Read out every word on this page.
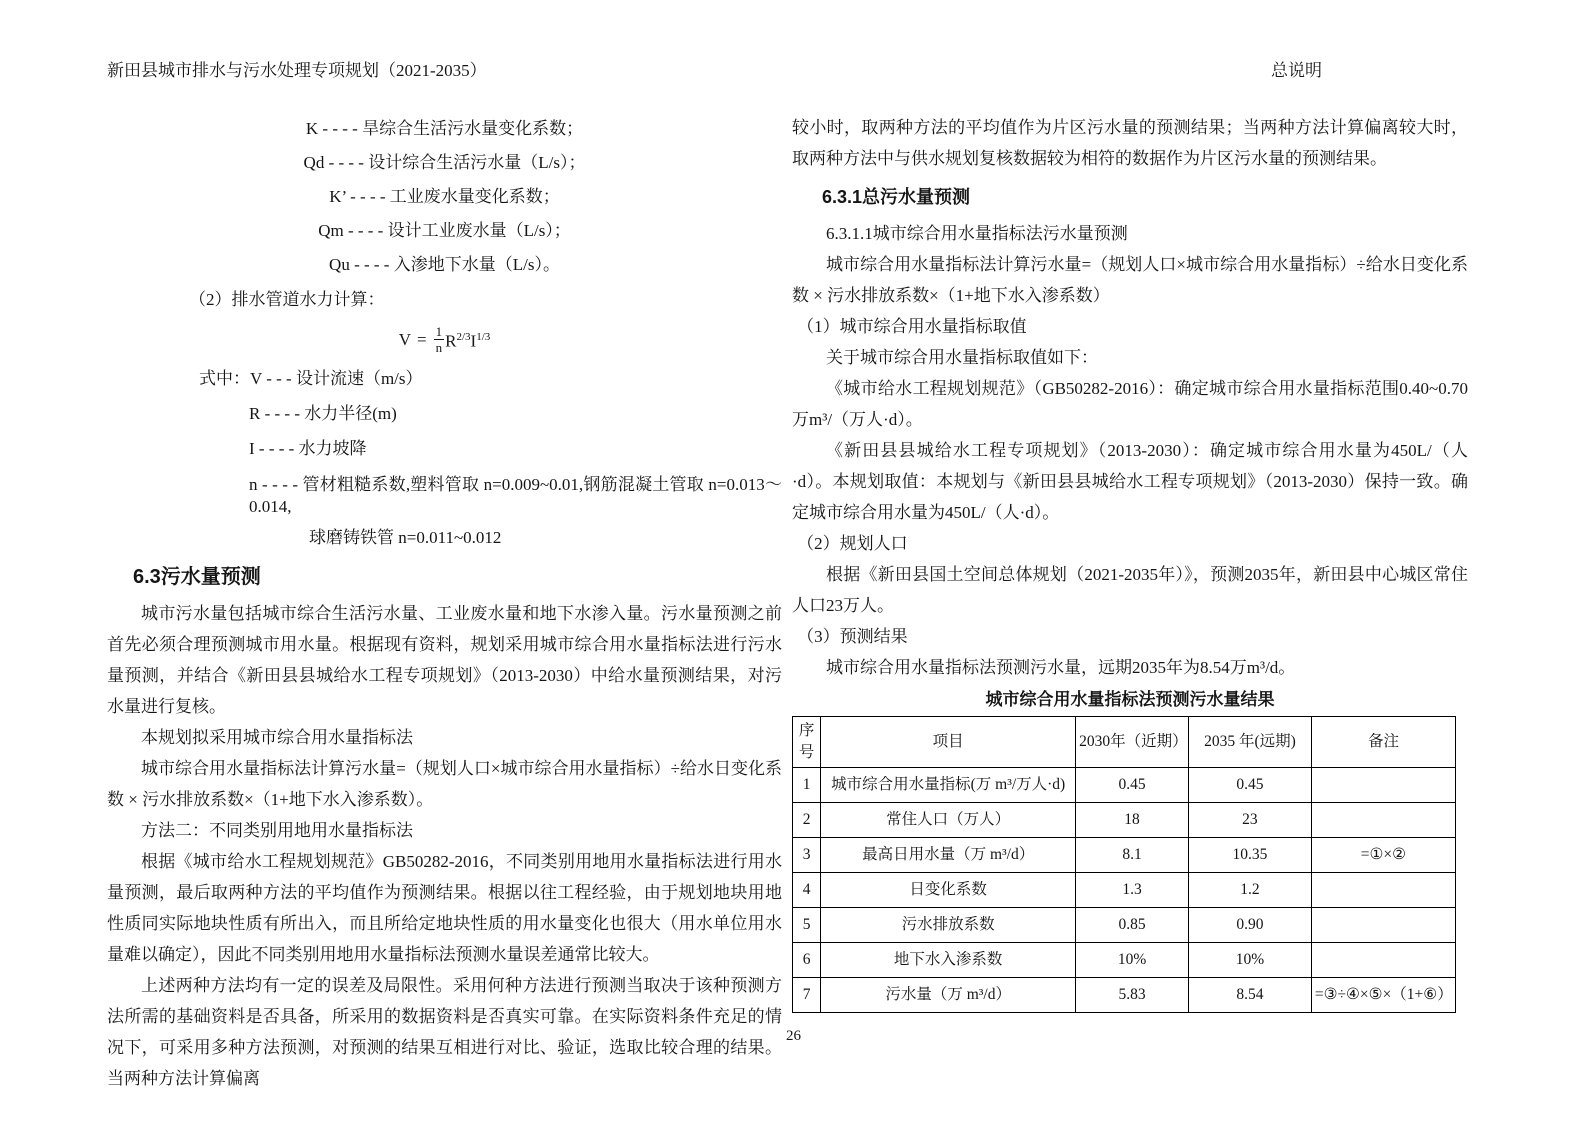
新田县城市排水与污水处理专项规划（2021-2035）	总说明
K - - - - 旱综合生活污水量变化系数；
Qd - - - - 设计综合生活污水量（L/s）；
K’ - - - - 工业废水量变化系数；
Qm - - - - 设计工业废水量（L/s）；
Qu - - - - 入渗地下水量（L/s）。
（2）排水管道水力计算：
$V = \frac{1}{n} R^{2/3}I^{1/3}$
式中：V - - - 设计流速（m/s）
R - - - - 水力半径(m)
I - - - - 水力坡降
n - - - - 管材粗糙系数,塑料管取 n=0.009~0.01,钢筋混凝土管取 n=0.013～0.014,
球磨铸铁管 n=0.011~0.012
6.3污水量预测

城市污水量包括城市综合生活污水量、工业废水量和地下水渗入量。污水量预测之前首先必须合理预测城市用水量。根据现有资料，规划采用城市综合用水量指标法进行污水量预测，并结合《新田县县城给水工程专项规划》（2013-2030）中给水量预测结果，对污水量进行复核。

本规划拟采用城市综合用水量指标法

城市综合用水量指标法计算污水量=（规划人口×城市综合用水量指标）÷给水日变化系数 × 污水排放系数×（1+地下水入渗系数）。

方法二：不同类别用地用水量指标法

根据《城市给水工程规划规范》GB50282-2016，不同类别用地用水量指标法进行用水量预测，最后取两种方法的平均值作为预测结果。根据以往工程经验，由于规划地块用地性质同实际地块性质有所出入，而且所给定地块性质的用水量变化也很大（用水单位用水量难以确定），因此不同类别用地用水量指标法预测水量误差通常比较大。

上述两种方法均有一定的误差及局限性。采用何种方法进行预测当取决于该种预测方法所需的基础资料是否具备，所采用的数据资料是否真实可靠。在实际资料条件充足的情况下，可采用多种方法预测，对预测的结果互相进行对比、验证，选取比较合理的结果。当两种方法计算偏离

较小时，取两种方法的平均值作为片区污水量的预测结果；当两种方法计算偏离较大时，取两种方法中与供水规划复核数据较为相符的数据作为片区污水量的预测结果。

6.3.1总污水量预测

6.3.1.1城市综合用水量指标法污水量预测

城市综合用水量指标法计算污水量=（规划人口×城市综合用水量指标）÷给水日变化系数 × 污水排放系数×（1+地下水入渗系数）

（1）城市综合用水量指标取值

关于城市综合用水量指标取值如下：

《城市给水工程规划规范》（GB50282-2016）：确定城市综合用水量指标范围0.40~0.70万m³/（万人·d）。

《新田县县城给水工程专项规划》（2013-2030）：确定城市综合用水量为450L/（人·d）。本规划取值：本规划与《新田县县城给水工程专项规划》（2013-2030）保持一致。确定城市综合用水量为450L/（人·d）。

（2）规划人口

根据《新田县国土空间总体规划（2021-2035年）》，预测2035年，新田县中心城区常住人口23万人。

（3）预测结果

城市综合用水量指标法预测污水量，远期2035年为8.54万m³/d。

城市综合用水量指标法预测污水量结果
序号	项目	2030年（近期）	2035 年(远期)	备注
1	城市综合用水量指标(万 m³/万人·d)	0.45	0.45	
2	常住人口（万人）	18	23	
3	最高日用水量（万 m³/d）	8.1	10.35	=①×②
4	日变化系数	1.3	1.2	
5	污水排放系数	0.85	0.90	
6	地下水入渗系数	10%	10%	
7	污水量（万 m³/d）	5.83	8.54	=③÷④×⑤×（1+⑥）
26
